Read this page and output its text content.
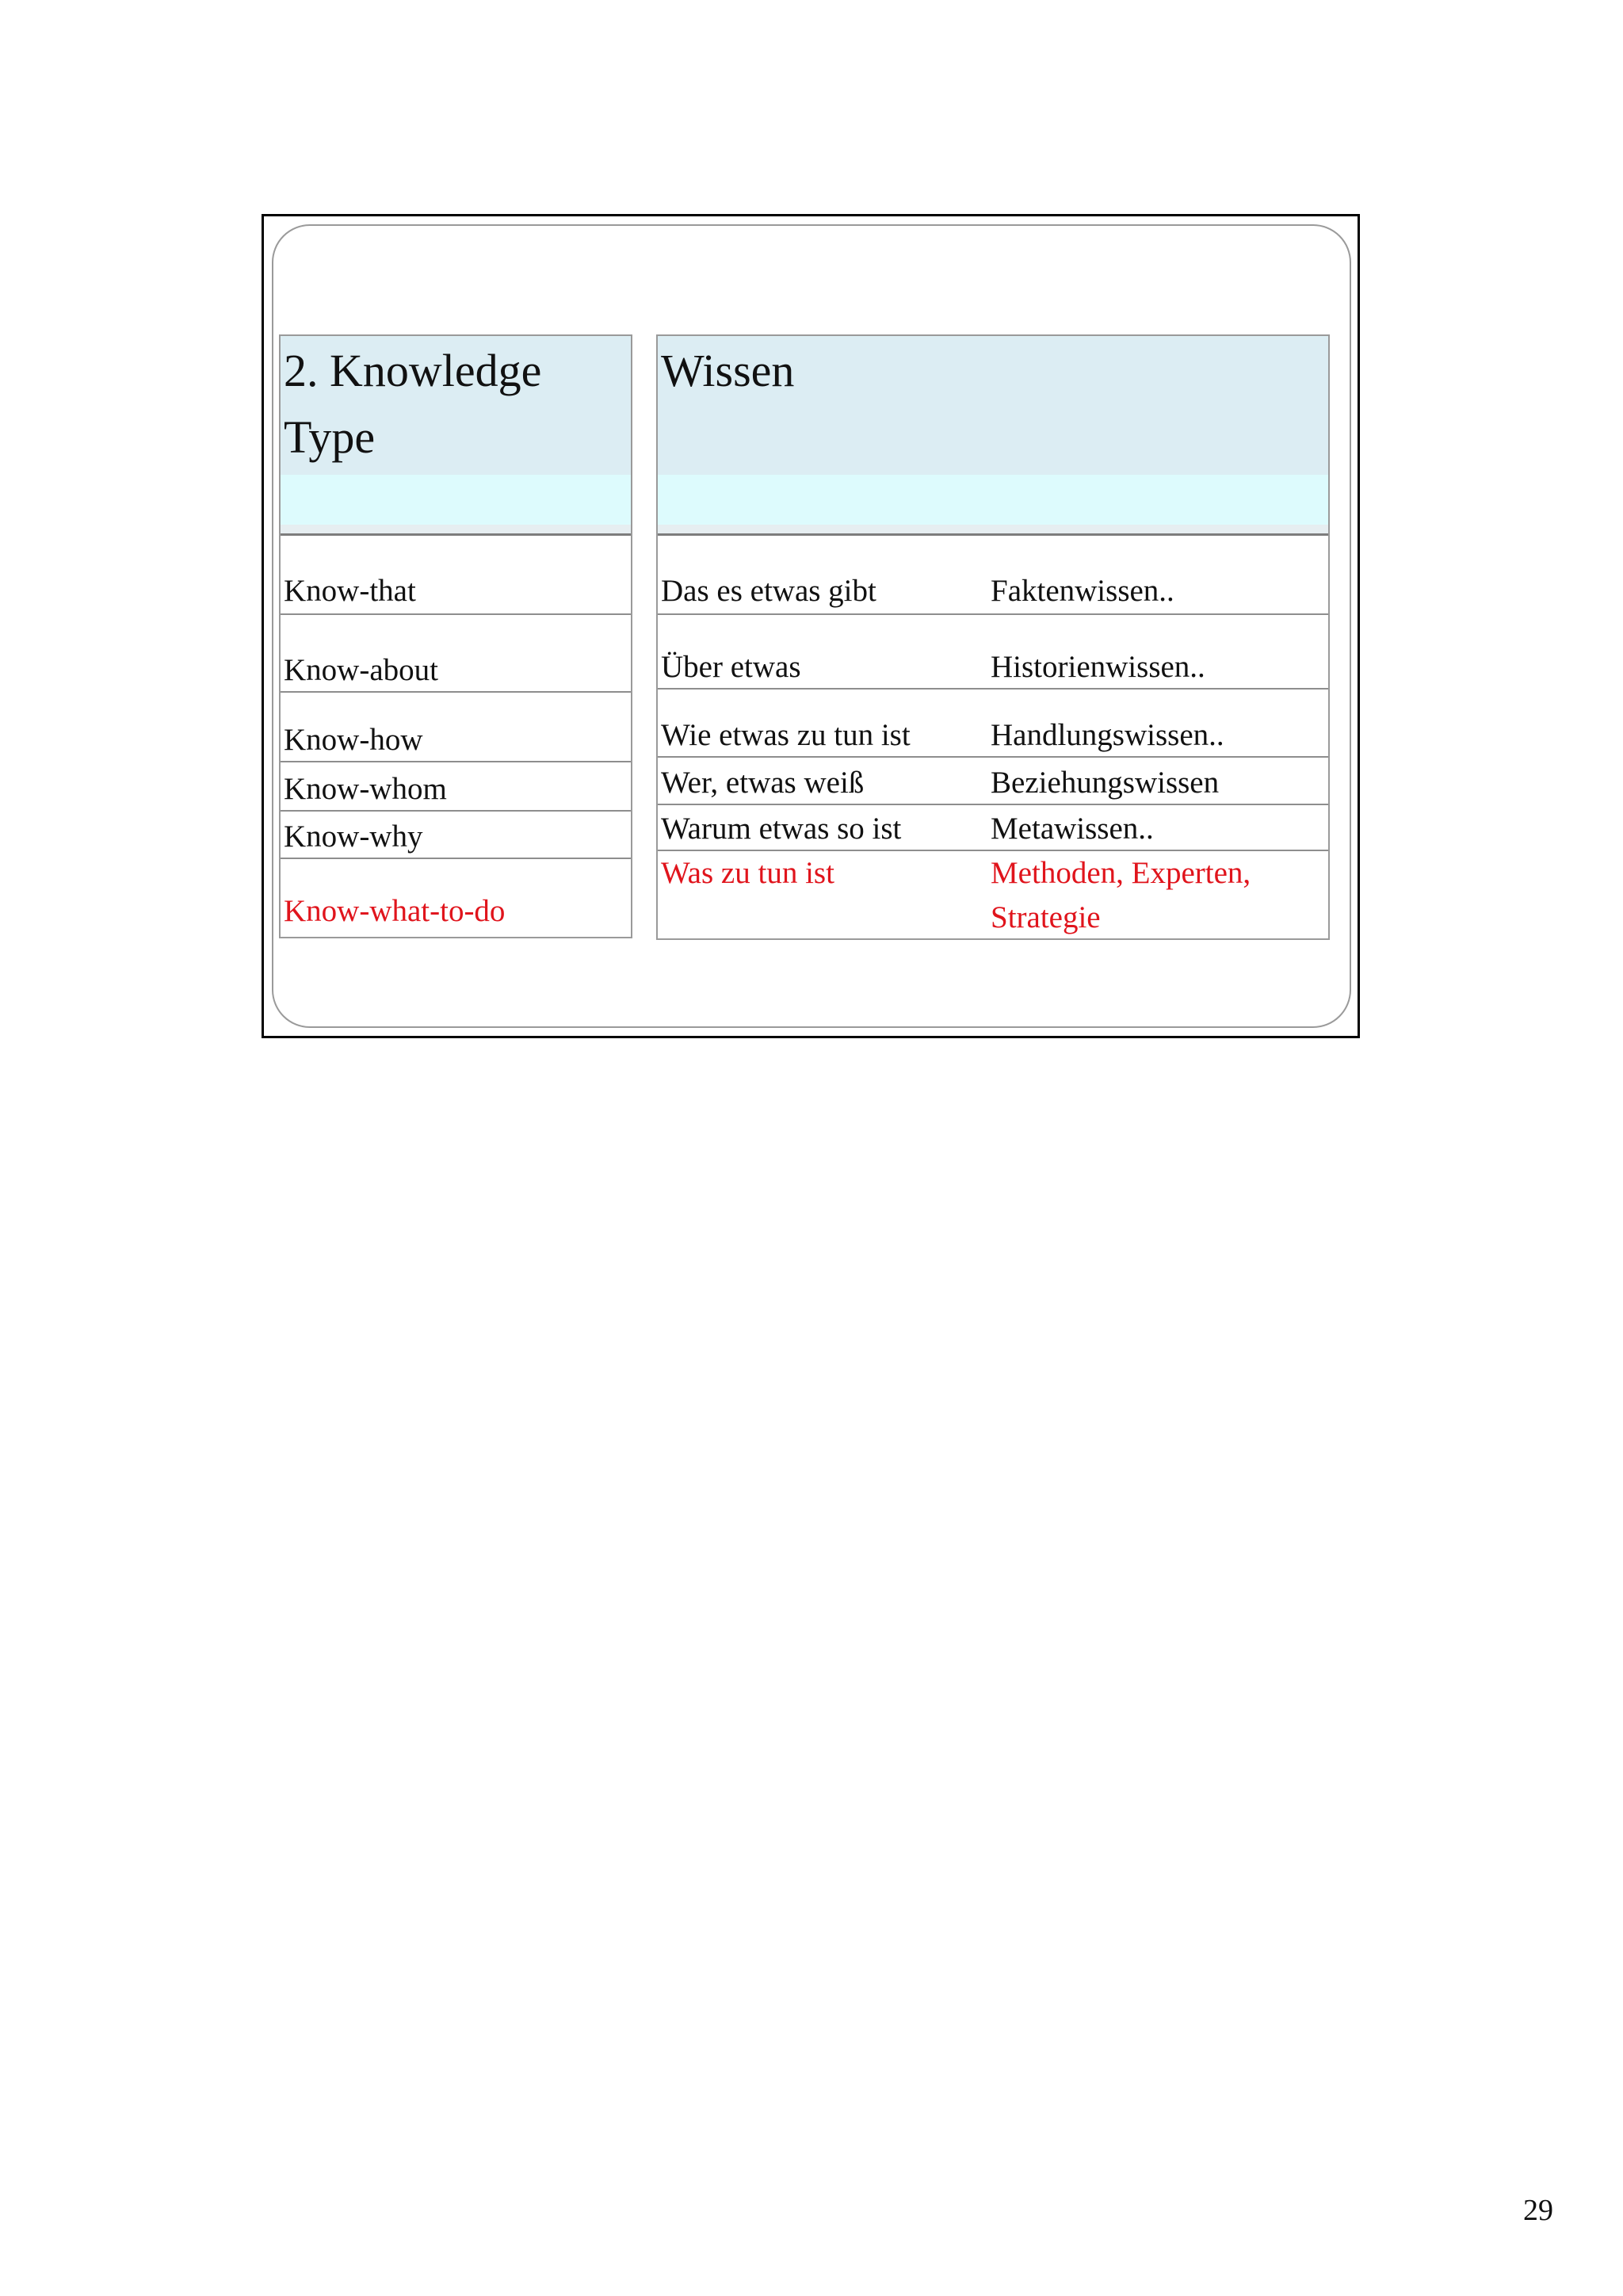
2. Knowledge
Type
Know-that
Know-about
Know-how
Know-whom
Know-why
Know-what-to-do
Wissen
Das es etwas gibt	Faktenwissen..
Über etwas	Historienwissen..
Wie etwas zu tun ist	Handlungswissen..
Wer, etwas weiß	Beziehungswissen
Warum etwas so ist	Metawissen..
Was zu tun ist	Methoden, Experten, Strategie
29
